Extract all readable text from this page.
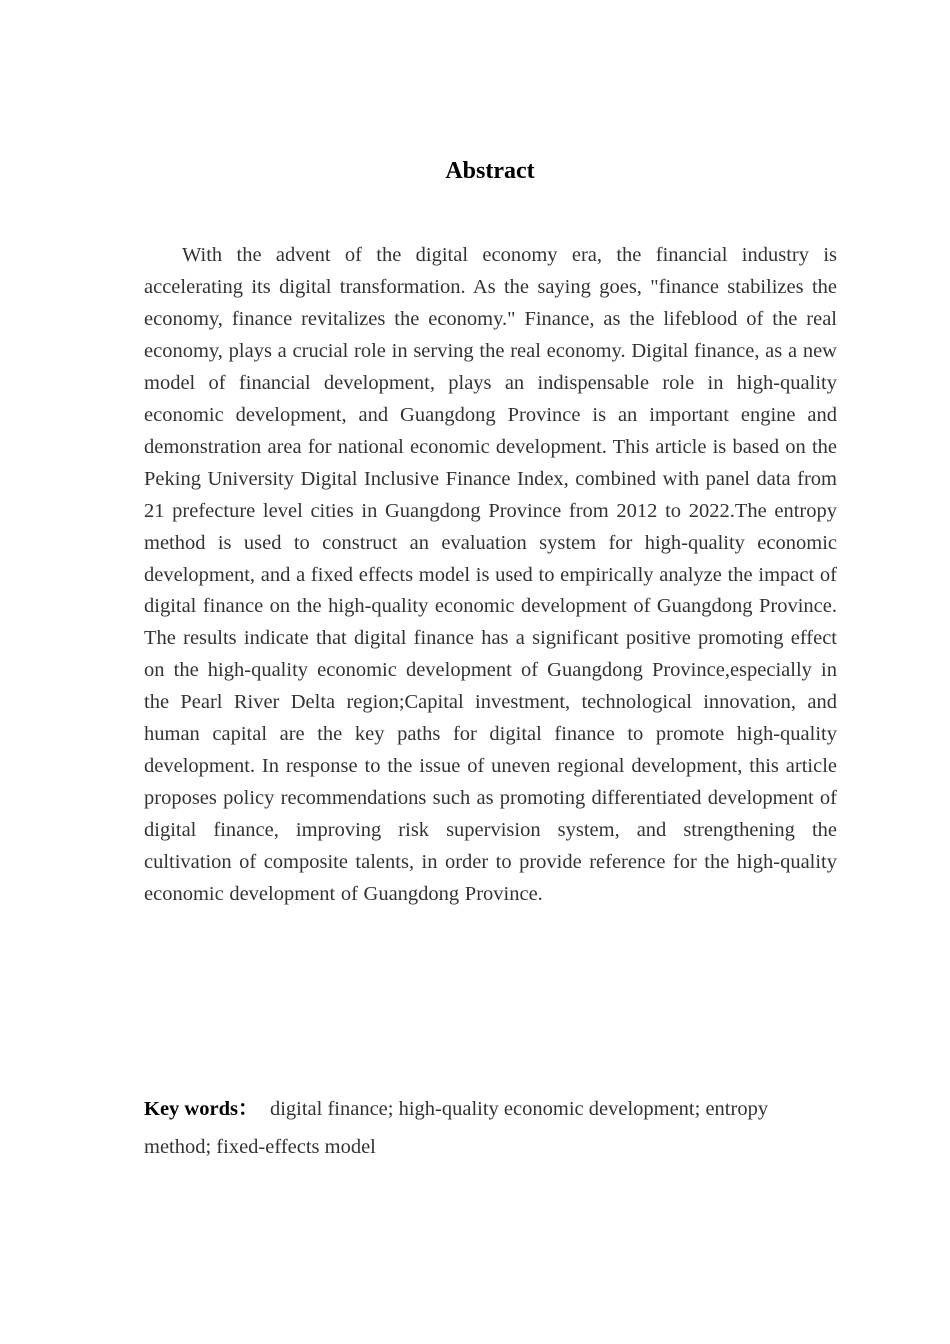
Abstract

With the advent of the digital economy era, the financial industry is accelerating its digital transformation. As the saying goes, "finance stabilizes the economy, finance revitalizes the economy." Finance, as the lifeblood of the real economy, plays a crucial role in serving the real economy. Digital finance, as a new model of financial development, plays an indispensable role in high-quality economic development, and Guangdong Province is an important engine and demonstration area for national economic development. This article is based on the Peking University Digital Inclusive Finance Index, combined with panel data from 21 prefecture level cities in Guangdong Province from 2012 to 2022.The entropy method is used to construct an evaluation system for high-quality economic development, and a fixed effects model is used to empirically analyze the impact of digital finance on the high-quality economic development of Guangdong Province. The results indicate that digital finance has a significant positive promoting effect on the high-quality economic development of Guangdong Province,especially in the Pearl River Delta region;Capital investment, technological innovation, and human capital are the key paths for digital finance to promote high-quality development. In response to the issue of uneven regional development, this article proposes policy recommendations such as promoting differentiated development of digital finance, improving risk supervision system, and strengthening the cultivation of composite talents, in order to provide reference for the high-quality economic development of Guangdong Province.

Key words： digital finance; high-quality economic development; entropy method; fixed-effects model
